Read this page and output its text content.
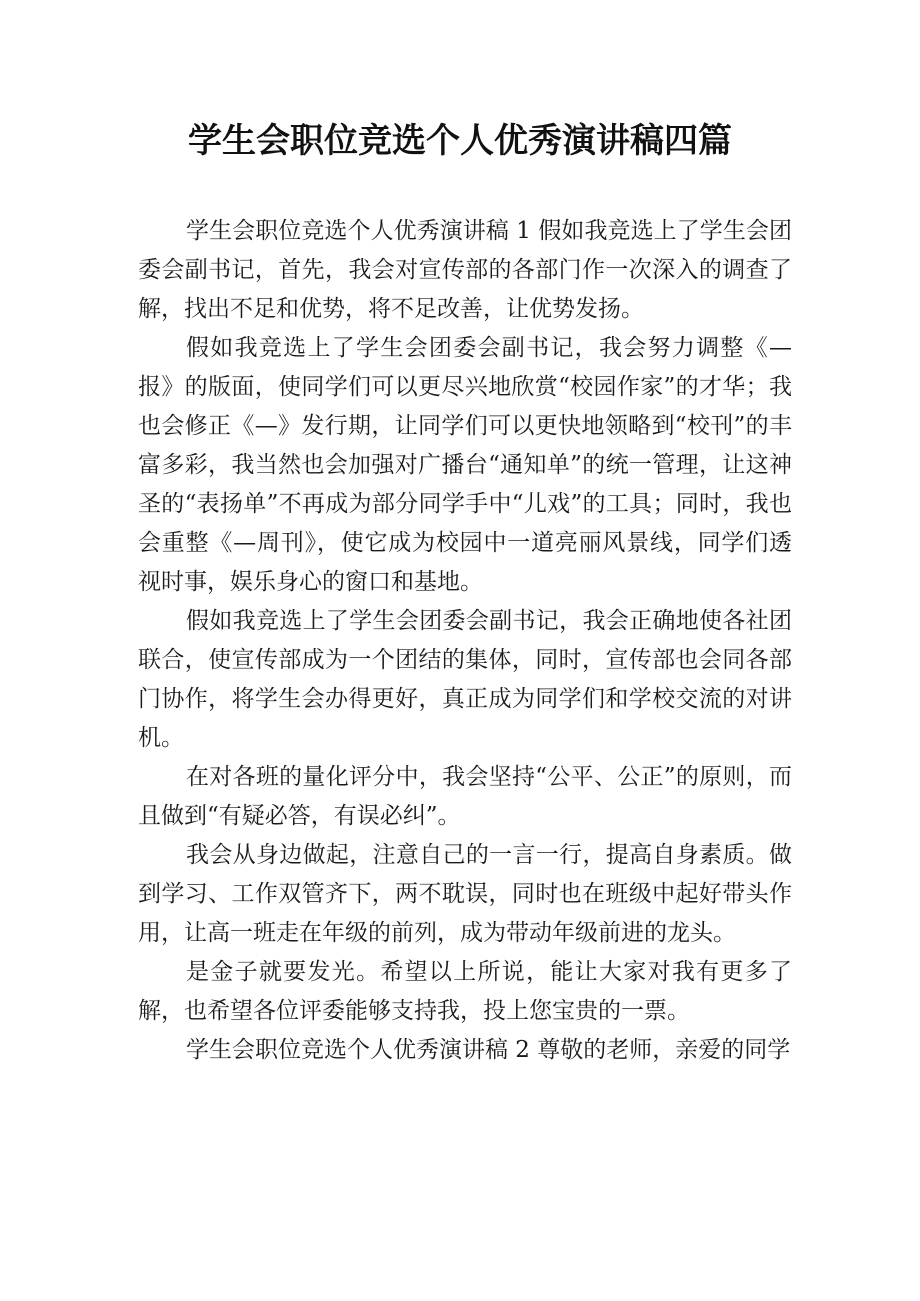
学生会职位竞选个人优秀演讲稿四篇

学生会职位竞选个人优秀演讲稿 1 假如我竞选上了学生会团委会副书记，首先，我会对宣传部的各部门作一次深入的调查了解，找出不足和优势，将不足改善，让优势发扬。

假如我竞选上了学生会团委会副书记，我会努力调整《—报》的版面，使同学们可以更尽兴地欣赏“校园作家”的才华；我也会修正《—》发行期，让同学们可以更快地领略到“校刊”的丰富多彩，我当然也会加强对广播台“通知单”的统一管理，让这神圣的“表扬单”不再成为部分同学手中“儿戏”的工具；同时，我也会重整《—周刊》，使它成为校园中一道亮丽风景线，同学们透视时事，娱乐身心的窗口和基地。

假如我竞选上了学生会团委会副书记，我会正确地使各社团联合，使宣传部成为一个团结的集体，同时，宣传部也会同各部门协作，将学生会办得更好，真正成为同学们和学校交流的对讲机。

在对各班的量化评分中，我会坚持“公平、公正”的原则，而且做到“有疑必答，有误必纠”。

我会从身边做起，注意自己的一言一行，提高自身素质。做到学习、工作双管齐下，两不耽误，同时也在班级中起好带头作用，让高一班走在年级的前列，成为带动年级前进的龙头。

是金子就要发光。希望以上所说，能让大家对我有更多了解，也希望各位评委能够支持我，投上您宝贵的一票。

学生会职位竞选个人优秀演讲稿 2 尊敬的老师，亲爱的同学
